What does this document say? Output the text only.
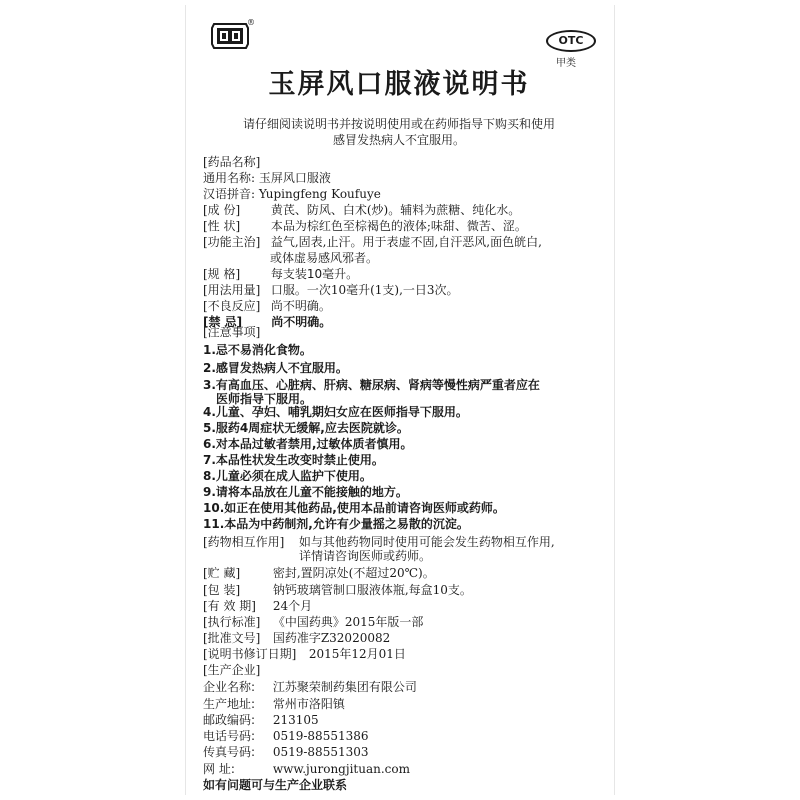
®
OTC
甲类
玉屏风口服液说明书
请仔细阅读说明书并按说明使用或在药师指导下购买和使用
感冒发热病人不宜服用。
[药品名称]
通用名称: 玉屏风口服液
汉语拼音: Yupingfeng Koufuye
[成 份]	黄芪、防风、白术(炒)。辅料为蔗糖、纯化水。
[性 状]	本品为棕红色至棕褐色的液体;味甜、微苦、涩。
[功能主治] 益气,固表,止汗。用于表虚不固,自汗恶风,面色㿠白,
或体虚易感风邪者。
[规 格]	每支装10毫升。
[用法用量] 口服。一次10毫升(1支),一日3次。
[不良反应] 尚不明确。
[禁 忌] 尚不明确。
[注意事项]
1.忌不易消化食物。
2.感冒发热病人不宜服用。
3.有高血压、心脏病、肝病、糖尿病、肾病等慢性病严重者应在
医师指导下服用。
4.儿童、孕妇、哺乳期妇女应在医师指导下服用。
5.服药4周症状无缓解,应去医院就诊。
6.对本品过敏者禁用,过敏体质者慎用。
7.本品性状发生改变时禁止使用。
8.儿童必须在成人监护下使用。
9.请将本品放在儿童不能接触的地方。
10.如正在使用其他药品,使用本品前请咨询医师或药师。
11.本品为中药制剂,允许有少量摇之易散的沉淀。
[药物相互作用] 如与其他药物同时使用可能会发生药物相互作用,
详情请咨询医师或药师。
[贮 藏]	密封,置阴凉处(不超过20℃)。
[包 装]	钠钙玻璃管制口服液体瓶,每盒10支。
[有 效 期] 24个月
[执行标准] 《中国药典》2015年版一部
[批准文号] 国药准字Z32020082
[说明书修订日期] 2015年12月01日
[生产企业]
企业名称: 江苏聚荣制药集团有限公司
生产地址: 常州市洛阳镇
邮政编码: 213105
电话号码: 0519-88551386
传真号码: 0519-88551303
网 址:	www.jurongjituan.com
如有问题可与生产企业联系
